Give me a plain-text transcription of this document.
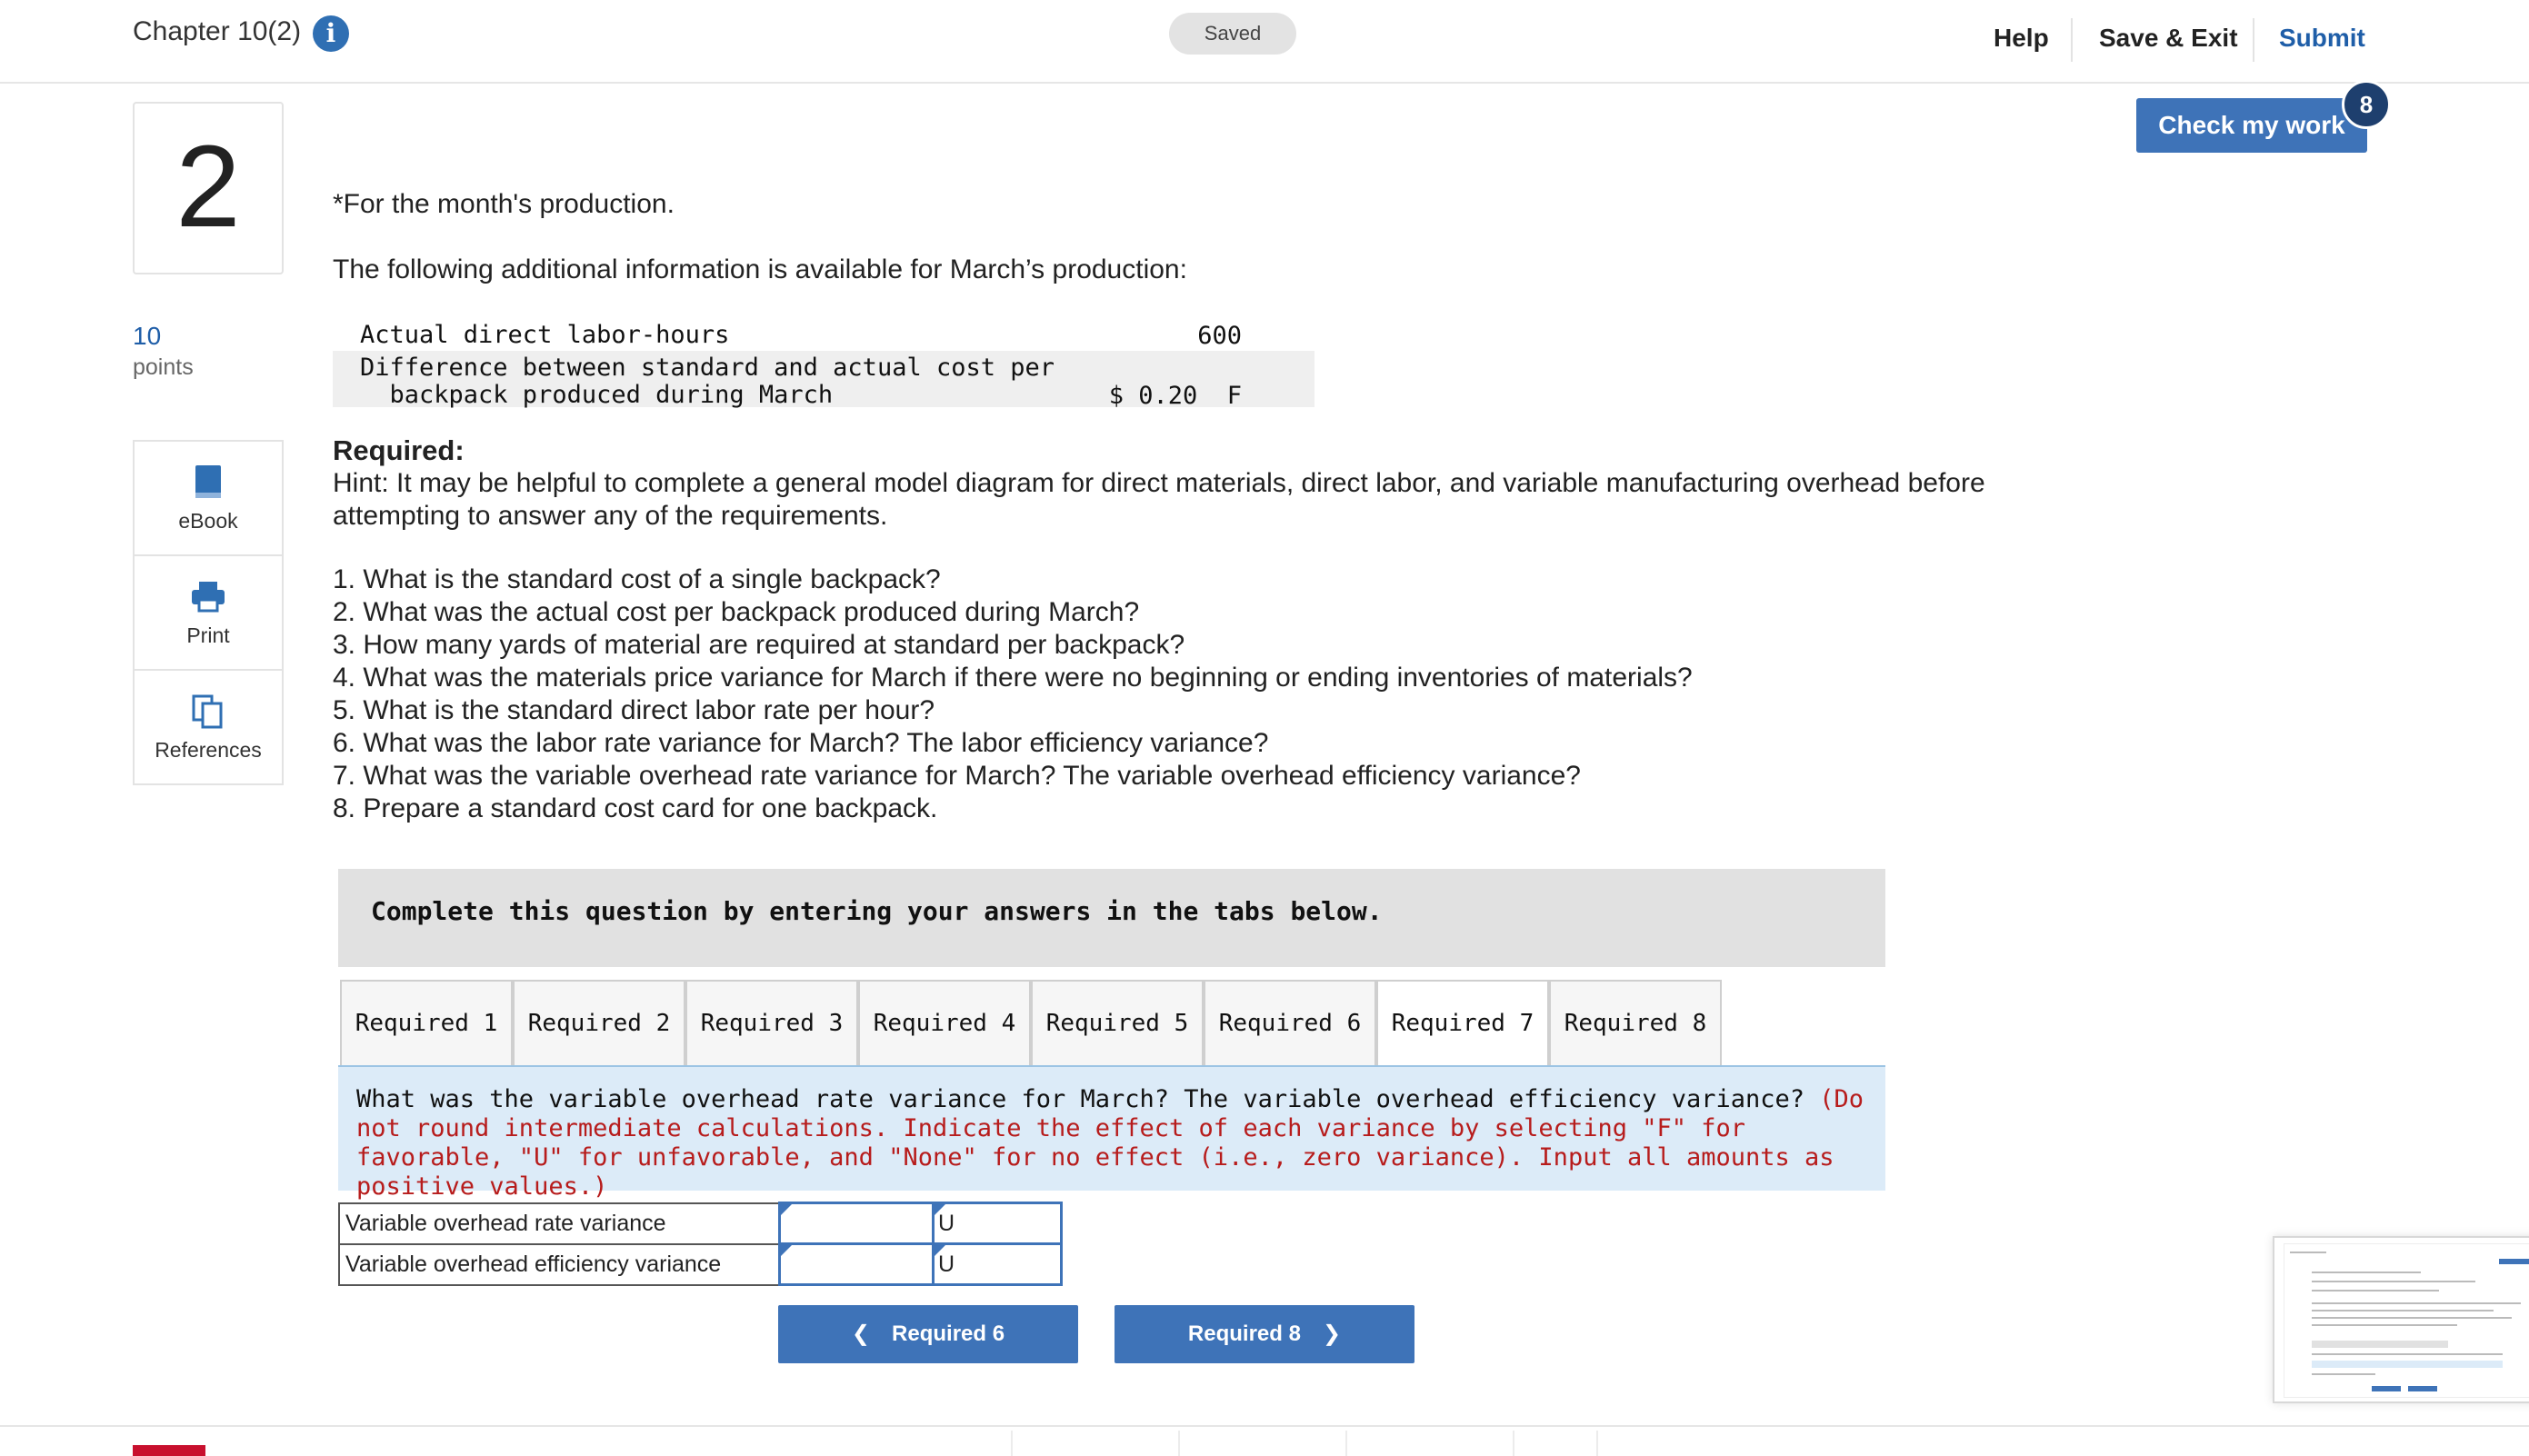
Chapter 10(2) i	Saved	Help Save & Exit Submit
Check my work
8
2
10
points
eBook
Print
References
*For the month's production.
The following additional information is available for March’s production:
Actual direct labor-hours	600
Difference between standard and actual cost per
backpack produced during March	$ 0.20  F
Required:
Hint: It may be helpful to complete a general model diagram for direct materials, direct labor, and variable manufacturing overhead before attempting to answer any of the requirements.
1. What is the standard cost of a single backpack?
2. What was the actual cost per backpack produced during March?
3. How many yards of material are required at standard per backpack?
4. What was the materials price variance for March if there were no beginning or ending inventories of materials?
5. What is the standard direct labor rate per hour?
6. What was the labor rate variance for March? The labor efficiency variance?
7. What was the variable overhead rate variance for March? The variable overhead efficiency variance?
8. Prepare a standard cost card for one backpack.
Complete this question by entering your answers in the tabs below.
Required 1	Required 2	Required 3	Required 4	Required 5	Required 6	Required 7	Required 8

What was the variable overhead rate variance for March? The variable overhead efficiency variance? (Do not round intermediate calculations. Indicate the effect of each variance by selecting "F" for favorable, "U" for unfavorable, and "None" for no effect (i.e., zero variance). Input all amounts as positive values.)

Variable overhead rate variance		U
Variable overhead efficiency variance		U
❮ Required 6	Required 8 ❯
